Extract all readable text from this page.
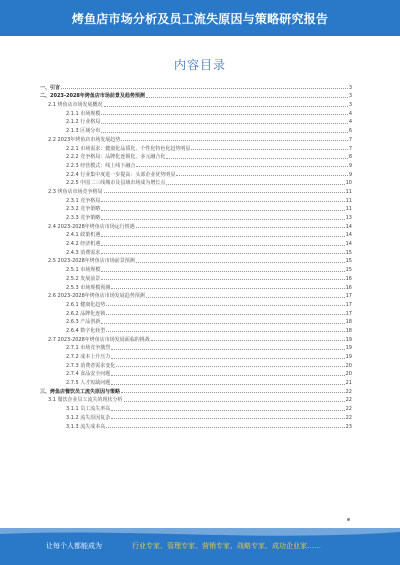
烤鱼店市场分析及员工流失原因与策略研究报告
内容目录
一、引言	3
二、2023-2028年烤鱼店市场前景及趋势预测	3
2.1 烤鱼店市场发展概况	3
2.1.1 市场规模	4
2.1.2 行业格局	4
2.1.3 区域分布	6
2.2 2023年烤鱼店市场发展趋势	7
2.2.1 市场需求：健康化品质化、个性化特色化趋势明显	7
2.2.2 竞争格局：品牌化连锁化、多元融合化	8
2.2.3 经营模式：线上线下融合	9
2.2.4 行业集中度进一步提高：头部企业优势明显	9
2.2.5 中国二三线城市及县域市场成为增长点	10
2.3 烤鱼店市场竞争格局	11
2.3.1 竞争格局	11
2.3.2 竞争策略	11
2.3.3 竞争策略	13
2.4 2023-2028年烤鱼店市场运行机遇	14
2.4.1 政策机遇	14
2.4.2 经济机遇	14
2.4.3 消费需求	15
2.5 2023-2028年烤鱼店市场前景预测	15
2.5.1 市场规模	15
2.5.2 发展前景	16
2.5.3 市场规模预测	16
2.6 2023-2028年烤鱼店市场发展趋势预测	17
2.6.1 健康化趋势	17
2.6.2 品牌化连锁	17
2.6.3 产品创新	18
2.6.4 数字化转型	18
2.7 2023-2028年烤鱼店市场发展面临的挑战	19
2.7.1 市场竞争激烈	19
2.7.2 成本上升压力	19
2.7.3 消费者需求变化	20
2.7.4 食品安全问题	20
2.7.5 人才短缺问题	21
三、烤鱼店餐饮员工流失原因与策略	22
3.1 餐饮企业员工流失的现状分析	22
3.1.1 员工流失率高	22
3.1.2 流失原因复杂	22
3.1.3 流失成本高	23
让每个人都能成为	行业专家、管理专家、营销专家、战略专家、成功企业家……
